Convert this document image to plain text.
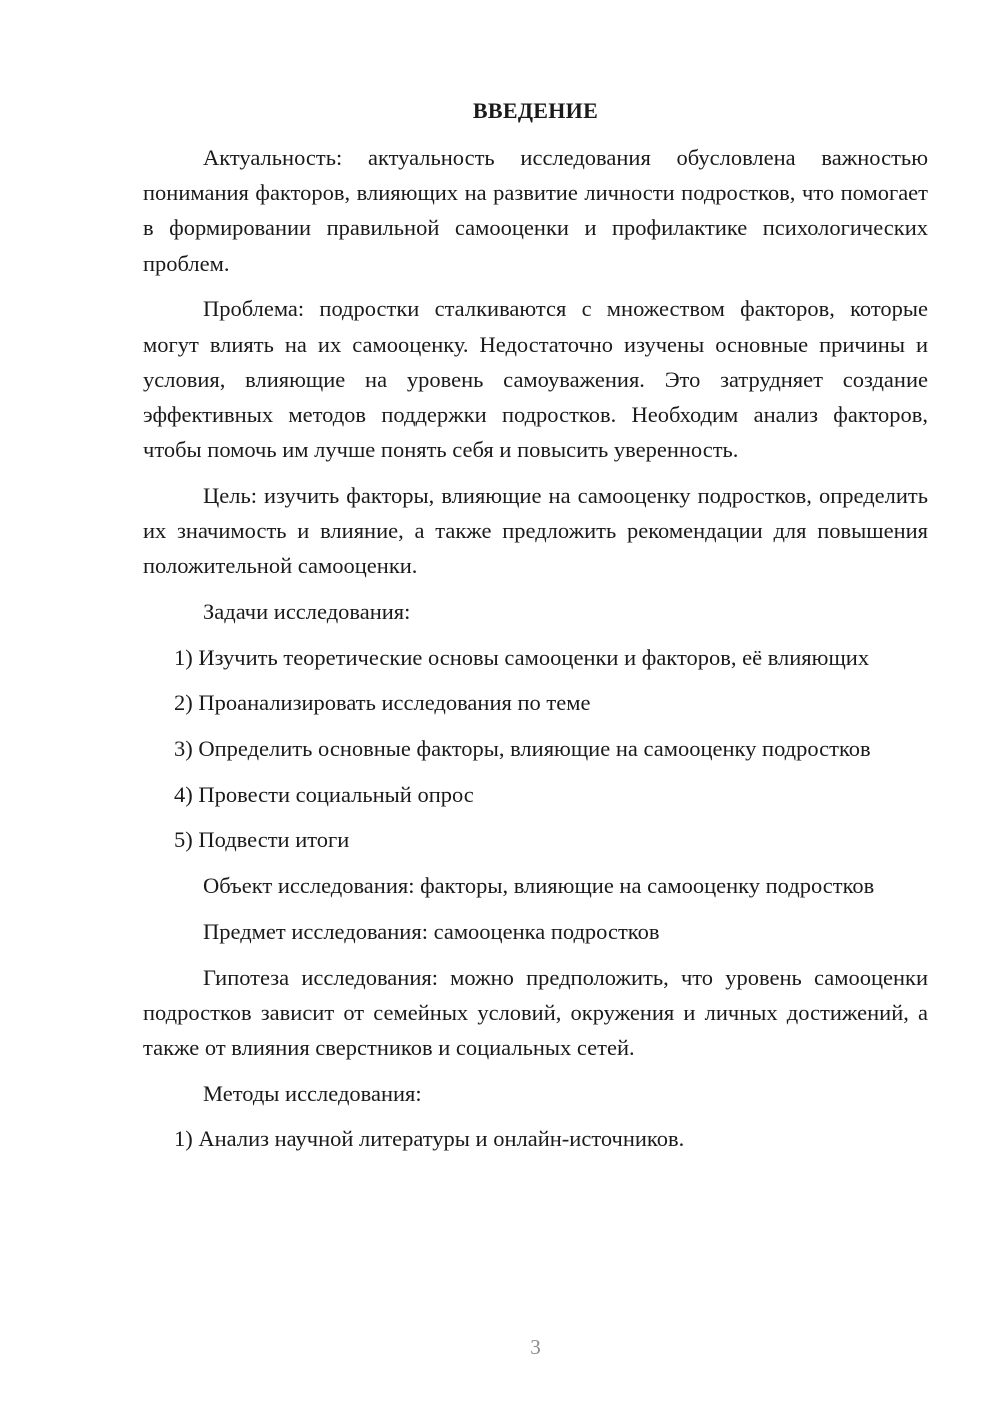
ВВЕДЕНИЕ

Актуальность: актуальность исследования обусловлена важностью понимания факторов, влияющих на развитие личности подростков, что помогает в формировании правильной самооценки и профилактике психологических проблем.

Проблема: подростки сталкиваются с множеством факторов, которые могут влиять на их самооценку. Недостаточно изучены основные причины и условия, влияющие на уровень самоуважения. Это затрудняет создание эффективных методов поддержки подростков. Необходим анализ факторов, чтобы помочь им лучше понять себя и повысить уверенность.

Цель: изучить факторы, влияющие на самооценку подростков, определить их значимость и влияние, а также предложить рекомендации для повышения положительной самооценки.

Задачи исследования:

1) Изучить теоретические основы самооценки и факторов, её влияющих

2) Проанализировать исследования по теме

3) Определить основные факторы, влияющие на самооценку подростков

4) Провести социальный опрос

5) Подвести итоги

Объект исследования: факторы, влияющие на самооценку подростков

Предмет исследования: самооценка подростков

Гипотеза исследования: можно предположить, что уровень самооценки подростков зависит от семейных условий, окружения и личных достижений, а также от влияния сверстников и социальных сетей.

Методы исследования:

1) Анализ научной литературы и онлайн-источников.

3
